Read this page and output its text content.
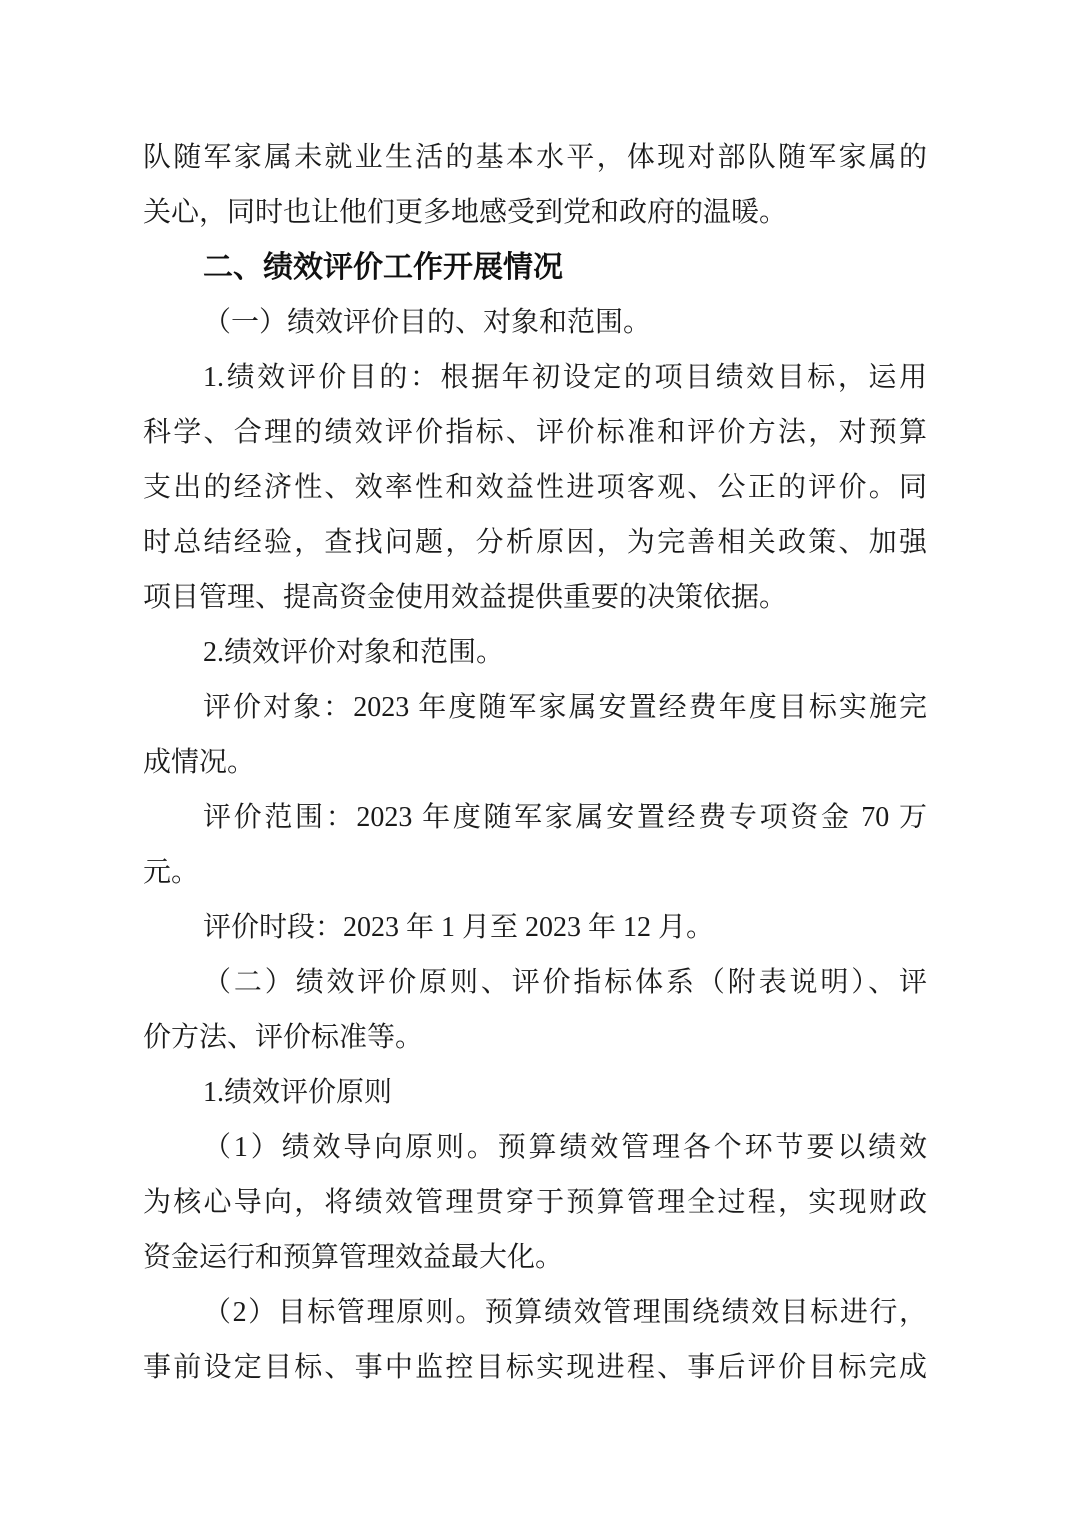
队随军家属未就业生活的基本水平，体现对部队随军家属的
关心，同时也让他们更多地感受到党和政府的温暖。
二、绩效评价工作开展情况
（一）绩效评价目的、对象和范围。
1.绩效评价目的：根据年初设定的项目绩效目标，运用
科学、合理的绩效评价指标、评价标准和评价方法，对预算
支出的经济性、效率性和效益性进项客观、公正的评价。同
时总结经验，查找问题，分析原因，为完善相关政策、加强
项目管理、提高资金使用效益提供重要的决策依据。
2.绩效评价对象和范围。
评价对象：2023 年度随军家属安置经费年度目标实施完
成情况。
评价范围：2023 年度随军家属安置经费专项资金 70 万
元。
评价时段：2023 年 1 月至 2023 年 12 月。
（二）绩效评价原则、评价指标体系（附表说明）、评
价方法、评价标准等。
1.绩效评价原则
（1）绩效导向原则。预算绩效管理各个环节要以绩效
为核心导向，将绩效管理贯穿于预算管理全过程，实现财政
资金运行和预算管理效益最大化。
（2）目标管理原则。预算绩效管理围绕绩效目标进行，
事前设定目标、事中监控目标实现进程、事后评价目标完成
